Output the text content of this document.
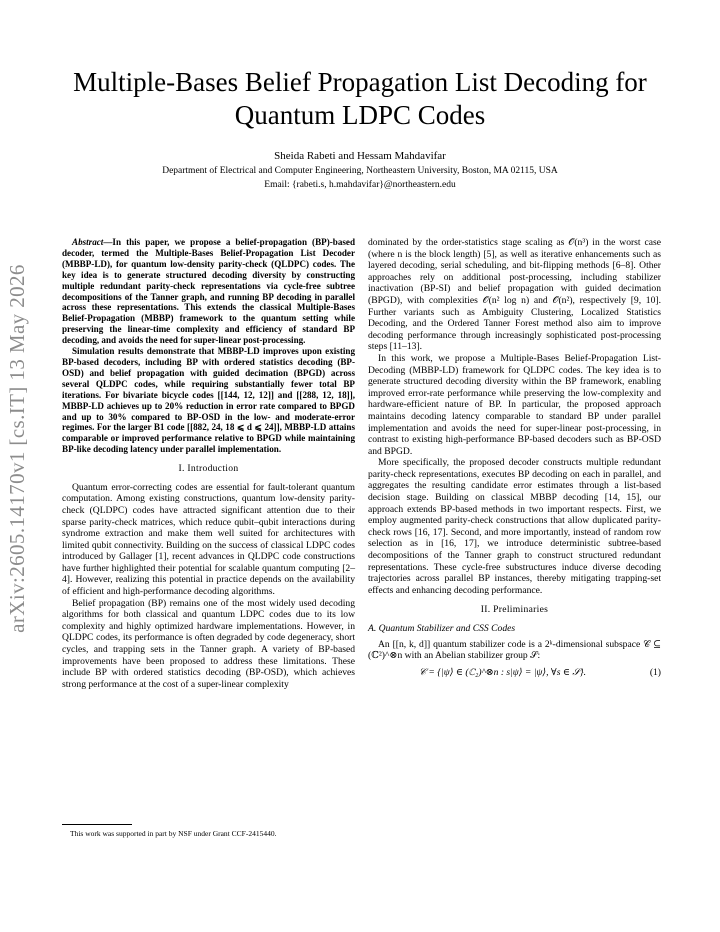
arXiv:2605.14170v1 [cs.IT] 13 May 2026
Multiple-Bases Belief Propagation List Decoding for Quantum LDPC Codes
Sheida Rabeti and Hessam Mahdavifar
Department of Electrical and Computer Engineering, Northeastern University, Boston, MA 02115, USA
Email: {rabeti.s, h.mahdavifar}@northeastern.edu

Abstract—In this paper, we propose a belief-propagation (BP)-based decoder, termed the Multiple-Bases Belief-Propagation List Decoder (MBBP-LD), for quantum low-density parity-check (QLDPC) codes. The key idea is to generate structured decoding diversity by constructing multiple redundant parity-check representations via cycle-free subtree decompositions of the Tanner graph, and running BP decoding in parallel across these representations. This extends the classical Multiple-Bases Belief-Propagation (MBBP) framework to the quantum setting while preserving the linear-time complexity and efficiency of standard BP decoding, and avoids the need for super-linear post-processing.

Simulation results demonstrate that MBBP-LD improves upon existing BP-based decoders, including BP with ordered statistics decoding (BP-OSD) and belief propagation with guided decimation (BPGD) across several QLDPC codes, while requiring substantially fewer total BP iterations. For bivariate bicycle codes [[144, 12, 12]] and [[288, 12, 18]], MBBP-LD achieves up to 20% reduction in error rate compared to BPGD and up to 30% compared to BP-OSD in the low- and moderate-error regimes. For the larger B1 code [[882, 24, 18 ⩽ d ⩽ 24]], MBBP-LD attains comparable or improved performance relative to BPGD while maintaining BP-like decoding latency under parallel implementation.

I. Introduction

Quantum error-correcting codes are essential for fault-tolerant quantum computation. Among existing constructions, quantum low-density parity-check (QLDPC) codes have attracted significant attention due to their sparse parity-check matrices, which reduce qubit–qubit interactions during syndrome extraction and make them well suited for architectures with limited qubit connectivity. Building on the success of classical LDPC codes introduced by Gallager [1], recent advances in QLDPC code constructions have further highlighted their potential for scalable quantum computing [2–4]. However, realizing this potential in practice depends on the availability of efficient and high-performance decoding algorithms.

Belief propagation (BP) remains one of the most widely used decoding algorithms for both classical and quantum LDPC codes due to its low complexity and highly optimized hardware implementations. However, in QLDPC codes, its performance is often degraded by code degeneracy, short cycles, and trapping sets in the Tanner graph. A variety of BP-based improvements have been proposed to address these limitations. These include BP with ordered statistics decoding (BP-OSD), which achieves strong performance at the cost of a super-linear complexity

dominated by the order-statistics stage scaling as 𝒪(n³) in the worst case (where n is the block length) [5], as well as iterative enhancements such as layered decoding, serial scheduling, and bit-flipping methods [6–8]. Other approaches rely on additional post-processing, including stabilizer inactivation (BP-SI) and belief propagation with guided decimation (BPGD), with complexities 𝒪(n² log n) and 𝒪(n²), respectively [9, 10]. Further variants such as Ambiguity Clustering, Localized Statistics Decoding, and the Ordered Tanner Forest method also aim to improve decoding performance through increasingly sophisticated post-processing steps [11–13].

In this work, we propose a Multiple-Bases Belief-Propagation List-Decoding (MBBP-LD) framework for QLDPC codes. The key idea is to generate structured decoding diversity within the BP framework, enabling improved error-rate performance while preserving the low-complexity and hardware-efficient nature of BP. In particular, the proposed approach maintains decoding latency comparable to standard BP under parallel implementation and avoids the need for super-linear post-processing, in contrast to existing high-performance BP-based decoders such as BP-OSD and BPGD.

More specifically, the proposed decoder constructs multiple redundant parity-check representations, executes BP decoding on each in parallel, and aggregates the resulting candidate error estimates through a list-based decision stage. Building on classical MBBP decoding [14, 15], our approach extends BP-based methods in two important respects. First, we employ augmented parity-check constructions that allow duplicated parity-check rows [16, 17]. Second, and more importantly, instead of random row selection as in [16, 17], we introduce deterministic subtree-based decompositions of the Tanner graph to construct structured redundant representations. These cycle-free substructures induce diverse decoding trajectories across parallel BP instances, thereby mitigating trapping-set effects and enhancing decoding performance.

II. Preliminaries
A. Quantum Stabilizer and CSS Codes

An [[n, k, d]] quantum stabilizer code is a 2ᵏ-dimensional subspace 𝒞 ⊆ (ℂ²)^⊗n with an Abelian stabilizer group 𝒮:

𝒞 = {|ψ⟩ ∈ (ℂ₂)^⊗n : s|ψ⟩ = |ψ⟩, ∀s ∈ 𝒮}.	(1)
This work was supported in part by NSF under Grant CCF-2415440.
